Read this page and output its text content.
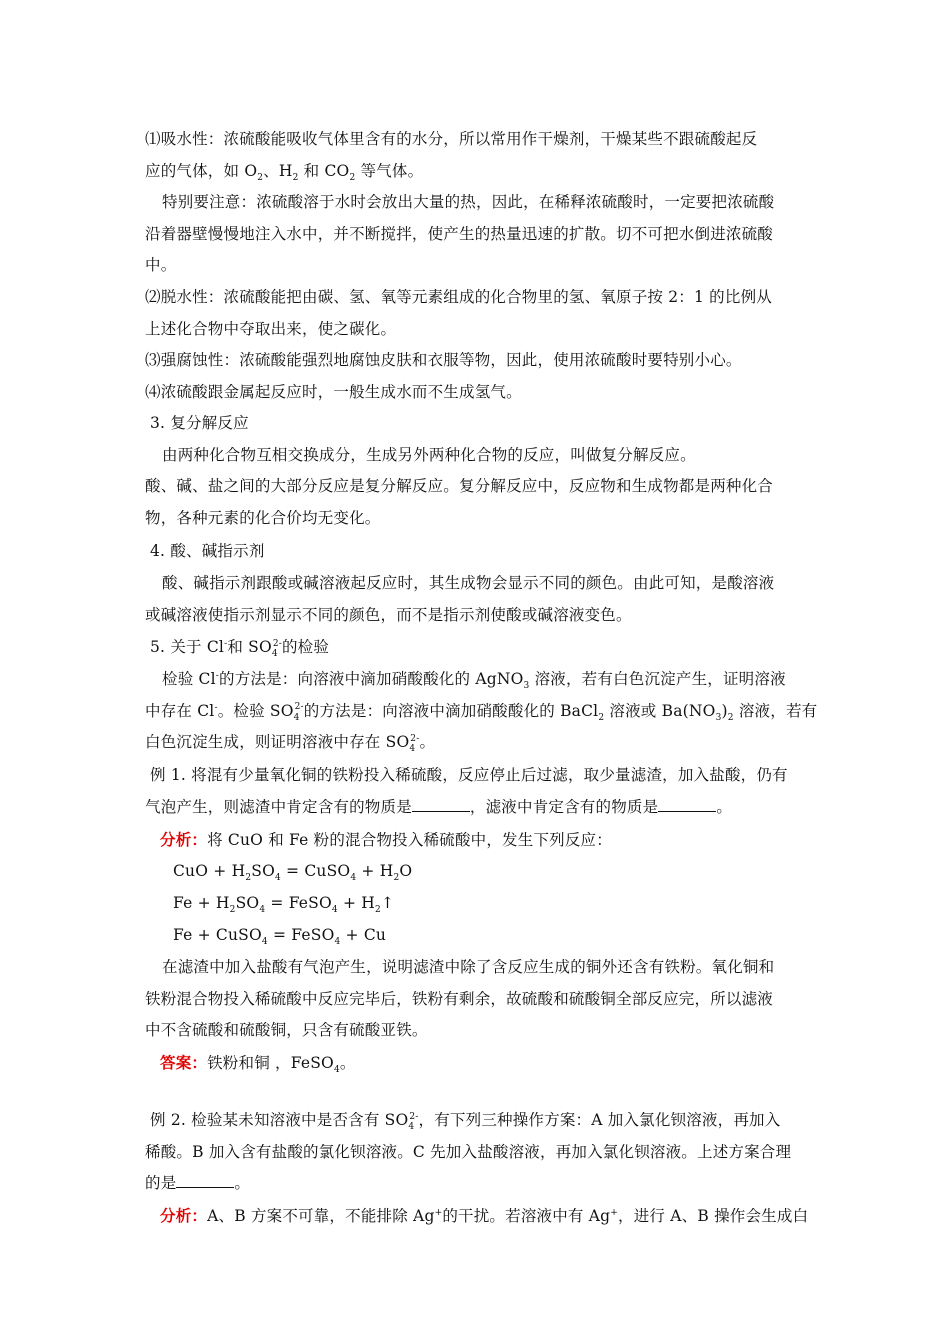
⑴吸水性：浓硫酸能吸收气体里含有的水分，所以常用作干燥剂，干燥某些不跟硫酸起反
应的气体，如 $O_2$、$H_2$ 和 $CO_2$ 等气体。
特别要注意：浓硫酸溶于水时会放出大量的热，因此，在稀释浓硫酸时，一定要把浓硫酸
沿着器壁慢慢地注入水中，并不断搅拌，使产生的热量迅速的扩散。切不可把水倒进浓硫酸
中。
⑵脱水性：浓硫酸能把由碳、氢、氧等元素组成的化合物里的氢、氧原子按 2：1 的比例从
上述化合物中夺取出来，使之碳化。
⑶强腐蚀性：浓硫酸能强烈地腐蚀皮肤和衣服等物，因此，使用浓硫酸时要特别小心。
⑷浓硫酸跟金属起反应时，一般生成水而不生成氢气。
3. 复分解反应
由两种化合物互相交换成分，生成另外两种化合物的反应，叫做复分解反应。
酸、碱、盐之间的大部分反应是复分解反应。复分解反应中，反应物和生成物都是两种化合
物，各种元素的化合价均无变化。
4. 酸、碱指示剂
酸、碱指示剂跟酸或碱溶液起反应时，其生成物会显示不同的颜色。由此可知，是酸溶液
或碱溶液使指示剂显示不同的颜色，而不是指示剂使酸或碱溶液变色。
5. 关于 Cl-和 $SO_4^{2-}$的检验
检验 Cl-的方法是：向溶液中滴加硝酸酸化的 AgNO$_3$ 溶液，若有白色沉淀产生，证明溶液
中存在 Cl-。检验 $SO_4^{2-}$的方法是：向溶液中滴加硝酸酸化的 BaCl$_2$ 溶液或 $Ba(NO_3)_2$ 溶液，若有
白色沉淀生成，则证明溶液中存在 $SO_4^{2-}$。
例 1. 将混有少量氧化铜的铁粉投入稀硫酸，反应停止后过滤，取少量滤渣，加入盐酸，仍有
气泡产生，则滤渣中肯定含有的物质是	，滤液中肯定含有的物质是	。
分析：将 CuO 和 Fe 粉的混合物投入稀硫酸中，发生下列反应：
CuO + $H_2SO_4$ = CuSO$_4$ + $H_2O$
$Fe + H_2SO_4$ = FeSO$_4$ + $H_2↑$
Fe + CuSO$_4$ = FeSO$_4$ + Cu
在滤渣中加入盐酸有气泡产生，说明滤渣中除了含反应生成的铜外还含有铁粉。氧化铜和
铁粉混合物投入稀硫酸中反应完毕后，铁粉有剩余，故硫酸和硫酸铜全部反应完，所以滤液
中不含硫酸和硫酸铜，只含有硫酸亚铁。
答案：铁粉和铜 ，FeSO$_4$。
例 2. 检验某未知溶液中是否含有 $SO_4^{2-}$，有下列三种操作方案：A 加入氯化钡溶液，再加入
稀酸。B 加入含有盐酸的氯化钡溶液。C 先加入盐酸溶液，再加入氯化钡溶液。上述方案合理
的是	。
分析：A、B 方案不可靠，不能排除 Ag+的干扰。若溶液中有 Ag+，进行 A、B 操作会生成白
